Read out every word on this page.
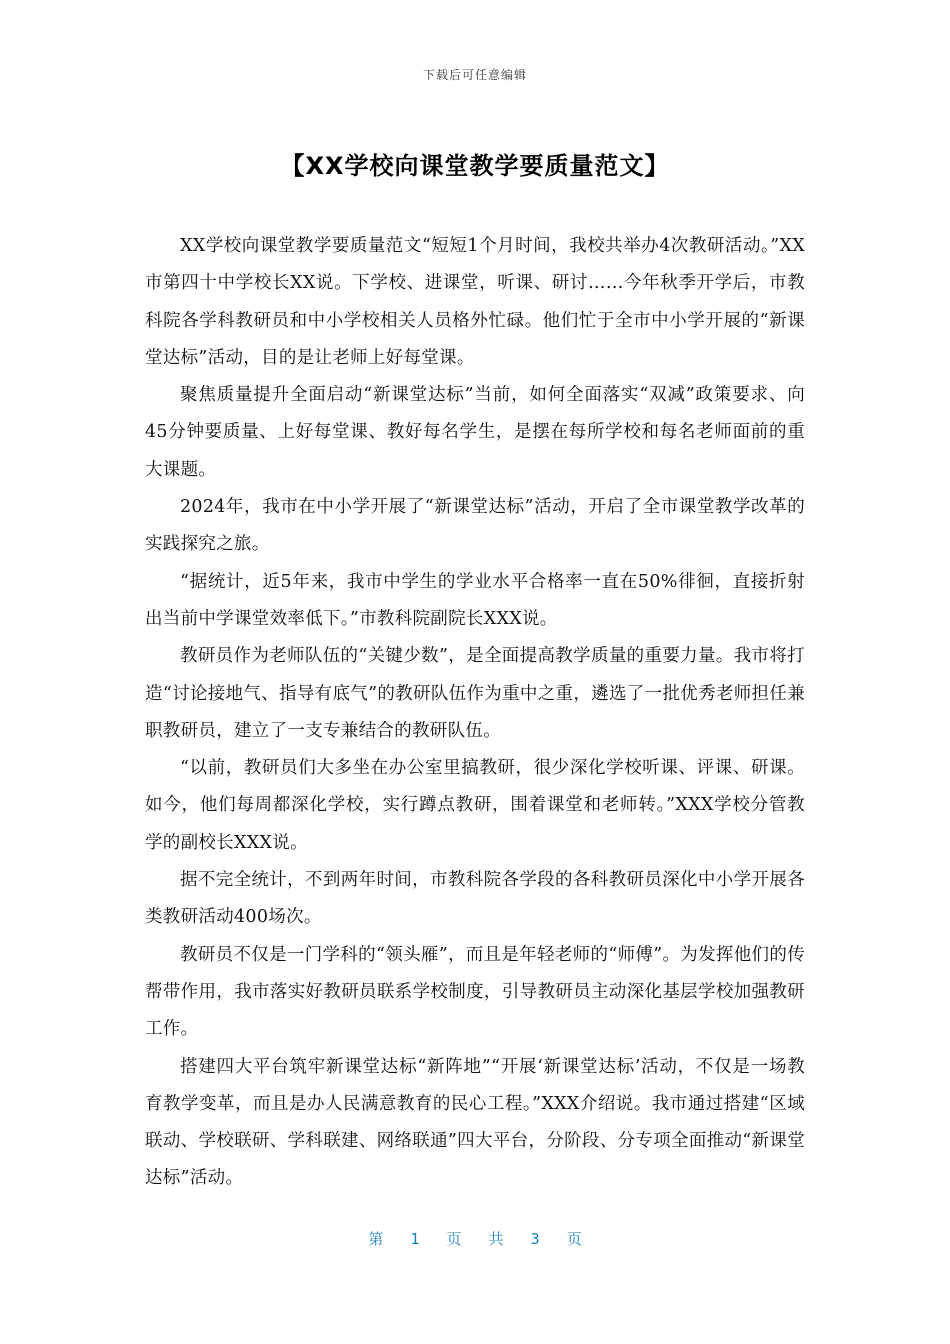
下载后可任意编辑
【XX学校向课堂教学要质量范文】

XX学校向课堂教学要质量范文“短短1个月时间，我校共举办4次教研活动。”XX市第四十中学校长XX说。下学校、进课堂，听课、研讨……今年秋季开学后，市教科院各学科教研员和中小学校相关人员格外忙碌。他们忙于全市中小学开展的“新课堂达标”活动，目的是让老师上好每堂课。

聚焦质量提升全面启动“新课堂达标”当前，如何全面落实“双减”政策要求、向45分钟要质量、上好每堂课、教好每名学生，是摆在每所学校和每名老师面前的重大课题。

2024年，我市在中小学开展了“新课堂达标”活动，开启了全市课堂教学改革的实践探究之旅。

“据统计，近5年来，我市中学生的学业水平合格率一直在50%徘徊，直接折射出当前中学课堂效率低下。”市教科院副院长XXX说。

教研员作为老师队伍的“关键少数”，是全面提高教学质量的重要力量。我市将打造“讨论接地气、指导有底气”的教研队伍作为重中之重，遴选了一批优秀老师担任兼职教研员，建立了一支专兼结合的教研队伍。

“以前，教研员们大多坐在办公室里搞教研，很少深化学校听课、评课、研课。如今，他们每周都深化学校，实行蹲点教研，围着课堂和老师转。”XXX学校分管教学的副校长XXX说。

据不完全统计，不到两年时间，市教科院各学段的各科教研员深化中小学开展各类教研活动400场次。

教研员不仅是一门学科的“领头雁”，而且是年轻老师的“师傅”。为发挥他们的传帮带作用，我市落实好教研员联系学校制度，引导教研员主动深化基层学校加强教研工作。

搭建四大平台筑牢新课堂达标“新阵地”“开展‘新课堂达标’活动，不仅是一场教育教学变革，而且是办人民满意教育的民心工程。”XXX介绍说。我市通过搭建“区域联动、学校联研、学科联建、网络联通”四大平台，分阶段、分专项全面推动“新课堂达标”活动。

第 1 页   共 3 页
